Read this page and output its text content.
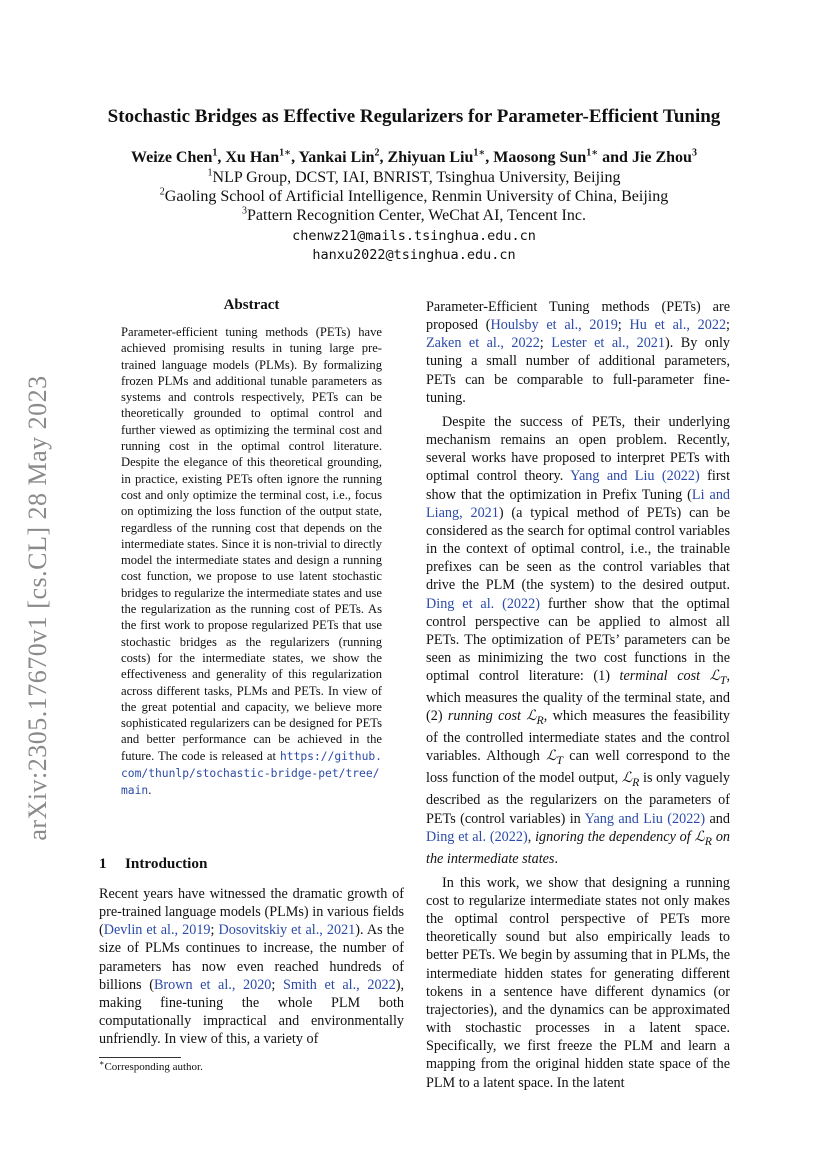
arXiv:2305.17670v1 [cs.CL] 28 May 2023
Stochastic Bridges as Effective Regularizers for Parameter-Efficient Tuning
Weize Chen$^1$, Xu Han$^{1∗}$, Yankai Lin$^2$, Zhiyuan Liu$^{1∗}$, Maosong Sun$^{1∗}$ and Jie Zhou$^3$
$^1$NLP Group, DCST, IAI, BNRIST, Tsinghua University, Beijing
$^2$Gaoling School of Artificial Intelligence, Renmin University of China, Beijing
$^3$Pattern Recognition Center, WeChat AI, Tencent Inc.
chenwz21@mails.tsinghua.edu.cn
hanxu2022@tsinghua.edu.cn
Abstract

Parameter-efficient tuning methods (PETs) have achieved promising results in tuning large pre-trained language models (PLMs). By formalizing frozen PLMs and additional tunable parameters as systems and controls respectively, PETs can be theoretically grounded to optimal control and further viewed as optimizing the terminal cost and running cost in the optimal control literature. Despite the elegance of this theoretical grounding, in practice, existing PETs often ignore the running cost and only optimize the terminal cost, i.e., focus on optimizing the loss function of the output state, regardless of the running cost that depends on the intermediate states. Since it is non-trivial to directly model the intermediate states and design a running cost function, we propose to use latent stochastic bridges to regularize the intermediate states and use the regularization as the running cost of PETs. As the first work to propose regularized PETs that use stochastic bridges as the regularizers (running costs) for the intermediate states, we show the effectiveness and generality of this regularization across different tasks, PLMs and PETs. In view of the great potential and capacity, we believe more sophisticated regularizers can be designed for PETs and better performance can be achieved in the future. The code is released at https://github.com/thunlp/stochastic-bridge-pet/tree/main.

1 Introduction

Recent years have witnessed the dramatic growth of pre-trained language models (PLMs) in various fields (Devlin et al., 2019; Dosovitskiy et al., 2021). As the size of PLMs continues to increase, the number of parameters has now even reached hundreds of billions (Brown et al., 2020; Smith et al., 2022), making fine-tuning the whole PLM both computationally impractical and environmentally unfriendly. In view of this, a variety of

∗Corresponding author.

Parameter-Efficient Tuning methods (PETs) are proposed (Houlsby et al., 2019; Hu et al., 2022; Zaken et al., 2022; Lester et al., 2021). By only tuning a small number of additional parameters, PETs can be comparable to full-parameter fine-tuning.

Despite the success of PETs, their underlying mechanism remains an open problem. Recently, several works have proposed to interpret PETs with optimal control theory. Yang and Liu (2022) first show that the optimization in Prefix Tuning (Li and Liang, 2021) (a typical method of PETs) can be considered as the search for optimal control variables in the context of optimal control, i.e., the trainable prefixes can be seen as the control variables that drive the PLM (the system) to the desired output. Ding et al. (2022) further show that the optimal control perspective can be applied to almost all PETs. The optimization of PETs’ parameters can be seen as minimizing the two cost functions in the optimal control literature: (1) terminal cost ℒ$_T$, which measures the quality of the terminal state, and (2) running cost ℒ$_R$, which measures the feasibility of the controlled intermediate states and the control variables. Although ℒ$_T$ can well correspond to the loss function of the model output, ℒ$_R$ is only vaguely described as the regularizers on the parameters of PETs (control variables) in Yang and Liu (2022) and Ding et al. (2022), ignoring the dependency of ℒ$_R$ on the intermediate states.

In this work, we show that designing a running cost to regularize intermediate states not only makes the optimal control perspective of PETs more theoretically sound but also empirically leads to better PETs. We begin by assuming that in PLMs, the intermediate hidden states for generating different tokens in a sentence have different dynamics (or trajectories), and the dynamics can be approximated with stochastic processes in a latent space. Specifically, we first freeze the PLM and learn a mapping from the original hidden state space of the PLM to a latent space. In the latent
